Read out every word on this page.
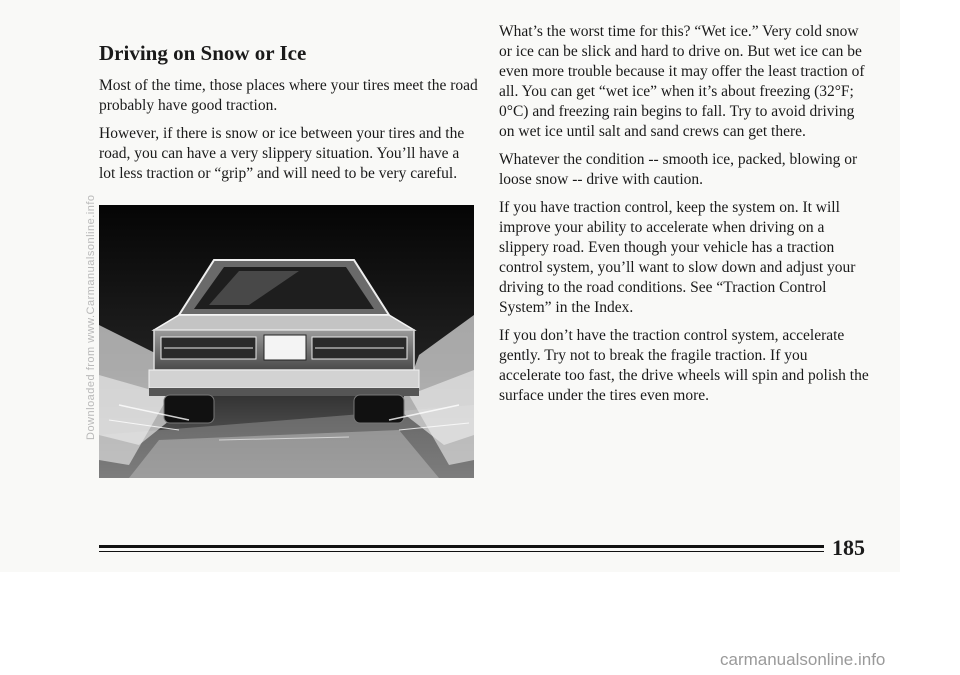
Driving on Snow or Ice

Most of the time, those places where your tires meet the road probably have good traction.

However, if there is snow or ice between your tires and the road, you can have a very slippery situation. You’ll have a lot less traction or “grip” and will need to be very careful.

Downloaded from www.Carmanualsonline.info

What’s the worst time for this? “Wet ice.” Very cold snow or ice can be slick and hard to drive on. But wet ice can be even more trouble because it may offer the least traction of all. You can get “wet ice” when it’s about freezing (32°F; 0°C) and freezing rain begins to fall. Try to avoid driving on wet ice until salt and sand crews can get there.

Whatever the condition -- smooth ice, packed, blowing or loose snow -- drive with caution.

If you have traction control, keep the system on. It will improve your ability to accelerate when driving on a slippery road. Even though your vehicle has a traction control system, you’ll want to slow down and adjust your driving to the road conditions. See “Traction Control System” in the Index.

If you don’t have the traction control system, accelerate gently. Try not to break the fragile traction. If you accelerate too fast, the drive wheels will spin and polish the surface under the tires even more.

185
carmanualsonline.info
